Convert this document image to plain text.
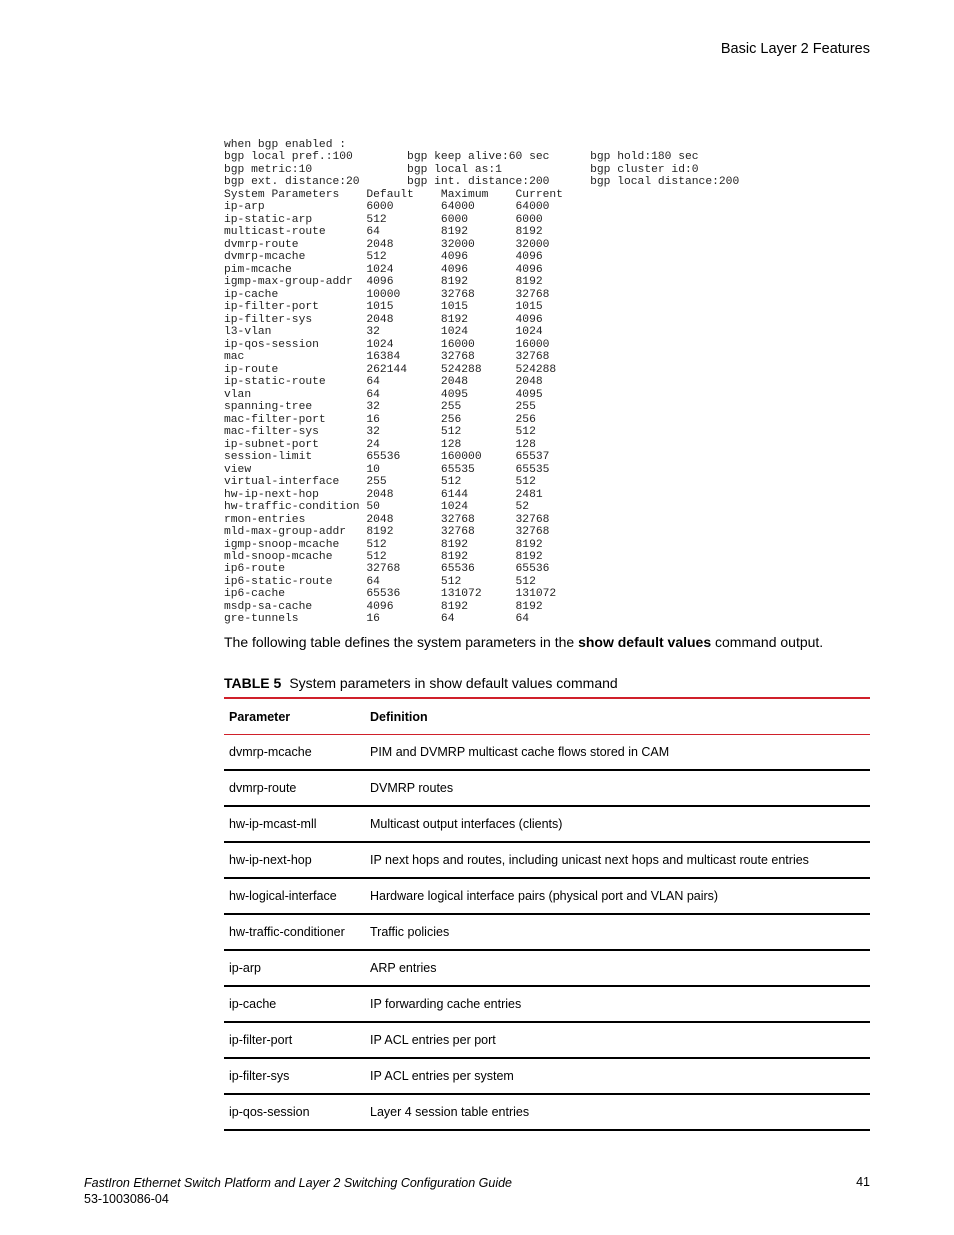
Basic Layer 2 Features
when bgp enabled :
bgp local pref.:100        bgp keep alive:60 sec      bgp hold:180 sec
bgp metric:10              bgp local as:1             bgp cluster id:0
bgp ext. distance:20       bgp int. distance:200      bgp local distance:200
System Parameters    Default    Maximum    Current
ip-arp               6000       64000      64000
ip-static-arp        512        6000       6000
multicast-route      64         8192       8192
dvmrp-route          2048       32000      32000
dvmrp-mcache         512        4096       4096
pim-mcache           1024       4096       4096
igmp-max-group-addr  4096       8192       8192
ip-cache             10000      32768      32768
ip-filter-port       1015       1015       1015
ip-filter-sys        2048       8192       4096
l3-vlan              32         1024       1024
ip-qos-session       1024       16000      16000
mac                  16384      32768      32768
ip-route             262144     524288     524288
ip-static-route      64         2048       2048
vlan                 64         4095       4095
spanning-tree        32         255        255
mac-filter-port      16         256        256
mac-filter-sys       32         512        512
ip-subnet-port       24         128        128
session-limit        65536      160000     65537
view                 10         65535      65535
virtual-interface    255        512        512
hw-ip-next-hop       2048       6144       2481
hw-traffic-condition 50         1024       52
rmon-entries         2048       32768      32768
mld-max-group-addr   8192       32768      32768
igmp-snoop-mcache    512        8192       8192
mld-snoop-mcache     512        8192       8192
ip6-route            32768      65536      65536
ip6-static-route     64         512        512
ip6-cache            65536      131072     131072
msdp-sa-cache        4096       8192       8192
gre-tunnels          16         64         64

The following table defines the system parameters in the show default values command output.

TABLE 5 System parameters in show default values command
Parameter	Definition
dvmrp-mcache	PIM and DVMRP multicast cache flows stored in CAM
dvmrp-route	DVMRP routes
hw-ip-mcast-mll	Multicast output interfaces (clients)
hw-ip-next-hop	IP next hops and routes, including unicast next hops and multicast route entries
hw-logical-interface	Hardware logical interface pairs (physical port and VLAN pairs)
hw-traffic-conditioner	Traffic policies
ip-arp	ARP entries
ip-cache	IP forwarding cache entries
ip-filter-port	IP ACL entries per port
ip-filter-sys	IP ACL entries per system
ip-qos-session	Layer 4 session table entries
FastIron Ethernet Switch Platform and Layer 2 Switching Configuration Guide
53-1003086-04
41
